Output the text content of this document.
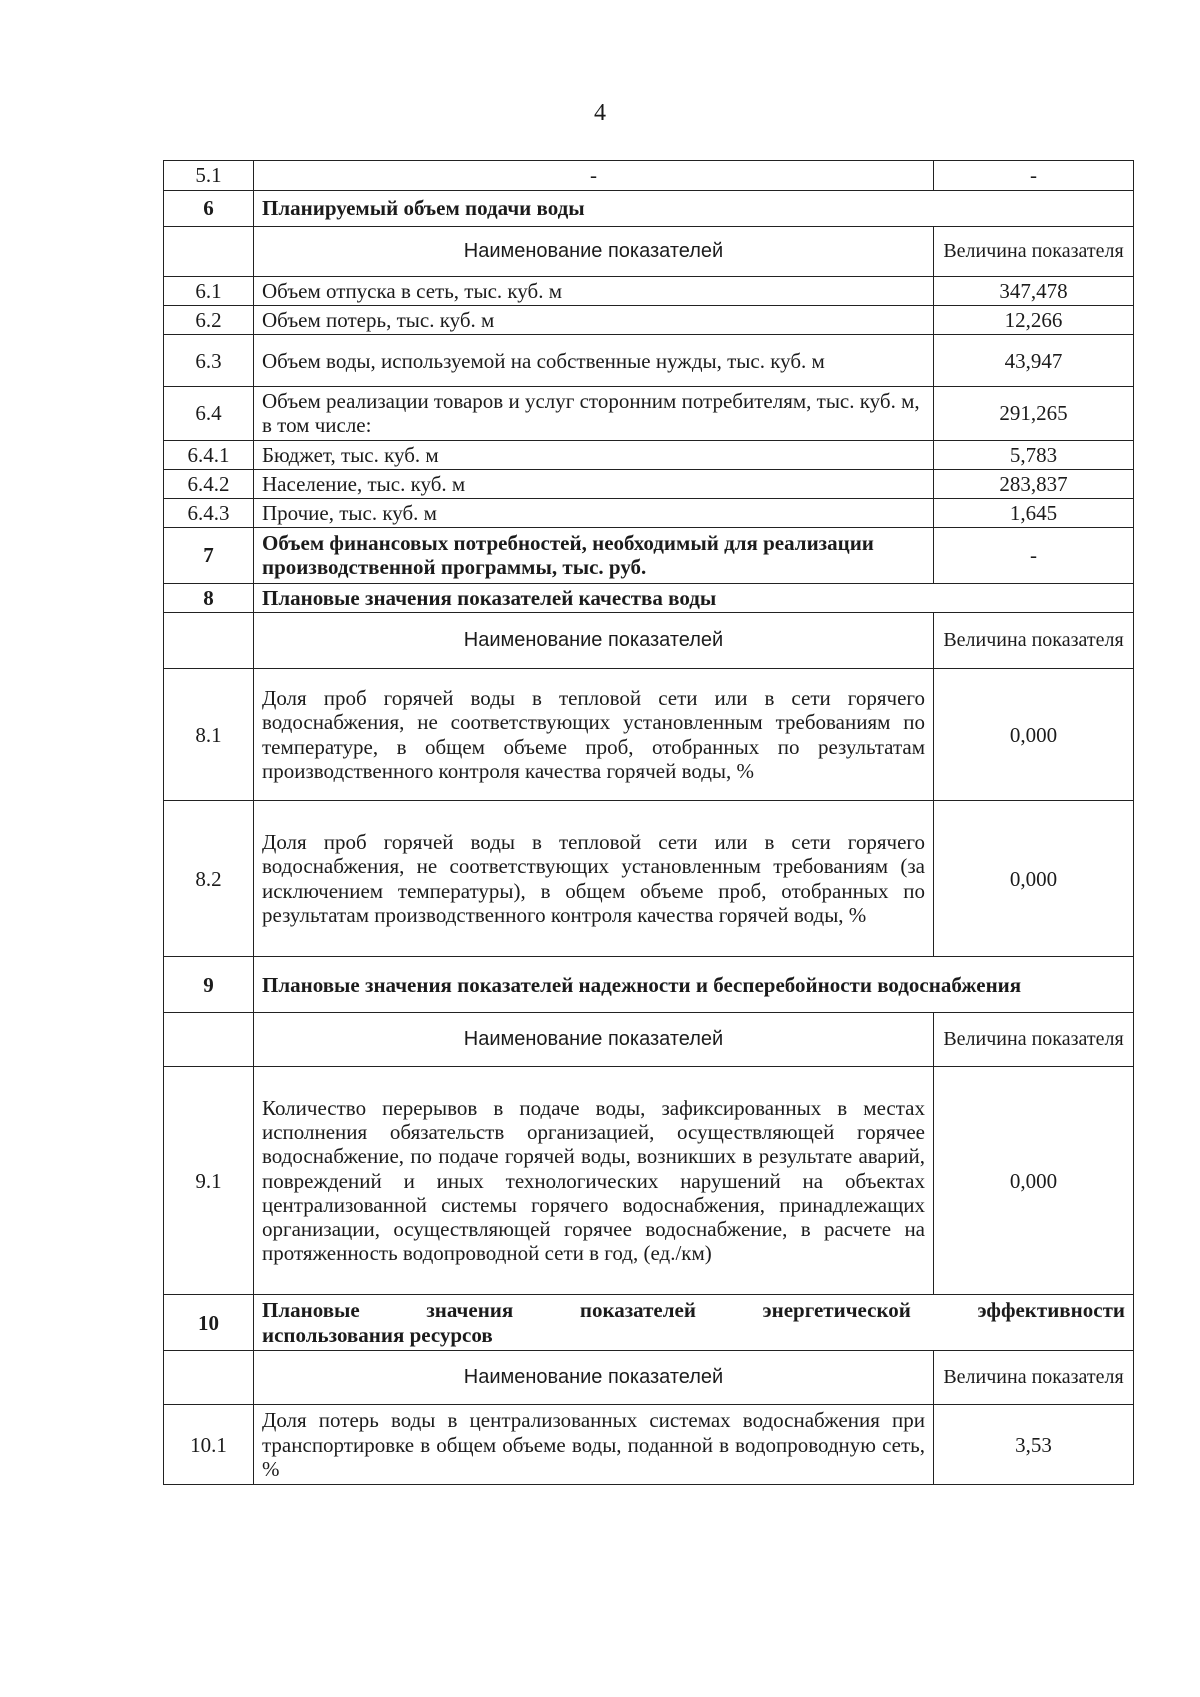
4
5.1	-	-
6	Планируемый объем подачи воды	
	Наименование показателей	Величина показателя
6.1	Объем отпуска в сеть, тыс. куб. м	347,478
6.2	Объем потерь, тыс. куб. м	12,266
6.3	Объем воды, используемой на собственные нужды, тыс. куб. м	43,947
6.4	Объем реализации товаров и услуг сторонним потребителям, тыс. куб. м, в том числе:	291,265
6.4.1	Бюджет, тыс. куб. м	5,783
6.4.2	Население, тыс. куб. м	283,837
6.4.3	Прочие, тыс. куб. м	1,645
7	Объем финансовых потребностей, необходимый для реализации производственной программы, тыс. руб.	-
8	Плановые значения показателей качества воды	
	Наименование показателей	Величина показателя
8.1	Доля проб горячей воды в тепловой сети или в сети горячего водоснабжения, не соответствующих установленным требованиям по температуре, в общем объеме проб, отобранных по результатам производственного контроля качества горячей воды, %	0,000
8.2	Доля проб горячей воды в тепловой сети или в сети горячего водоснабжения, не соответствующих установленным требованиям (за исключением температуры), в общем объеме проб, отобранных по результатам производственного контроля качества горячей воды, %	0,000
9	Плановые значения показателей надежности и бесперебойности водоснабжения	
	Наименование показателей	Величина показателя
9.1	Количество перерывов в подаче воды, зафиксированных в местах исполнения обязательств организацией, осуществляющей горячее водоснабжение, по подаче горячей воды, возникших в результате аварий, повреждений и иных технологических нарушений на объектах централизованной системы горячего водоснабжения, принадлежащих организации, осуществляющей горячее водоснабжение, в расчете на протяженность водопроводной сети в год, (ед./км)	0,000
10	Плановые значения показателей энергетической эффективности
использования ресурсов	

	Наименование показателей	Величина показателя
10.1	Доля потерь воды в централизованных системах водоснабжения при транспортировке в общем объеме воды, поданной в водопроводную сеть, %	3,53
